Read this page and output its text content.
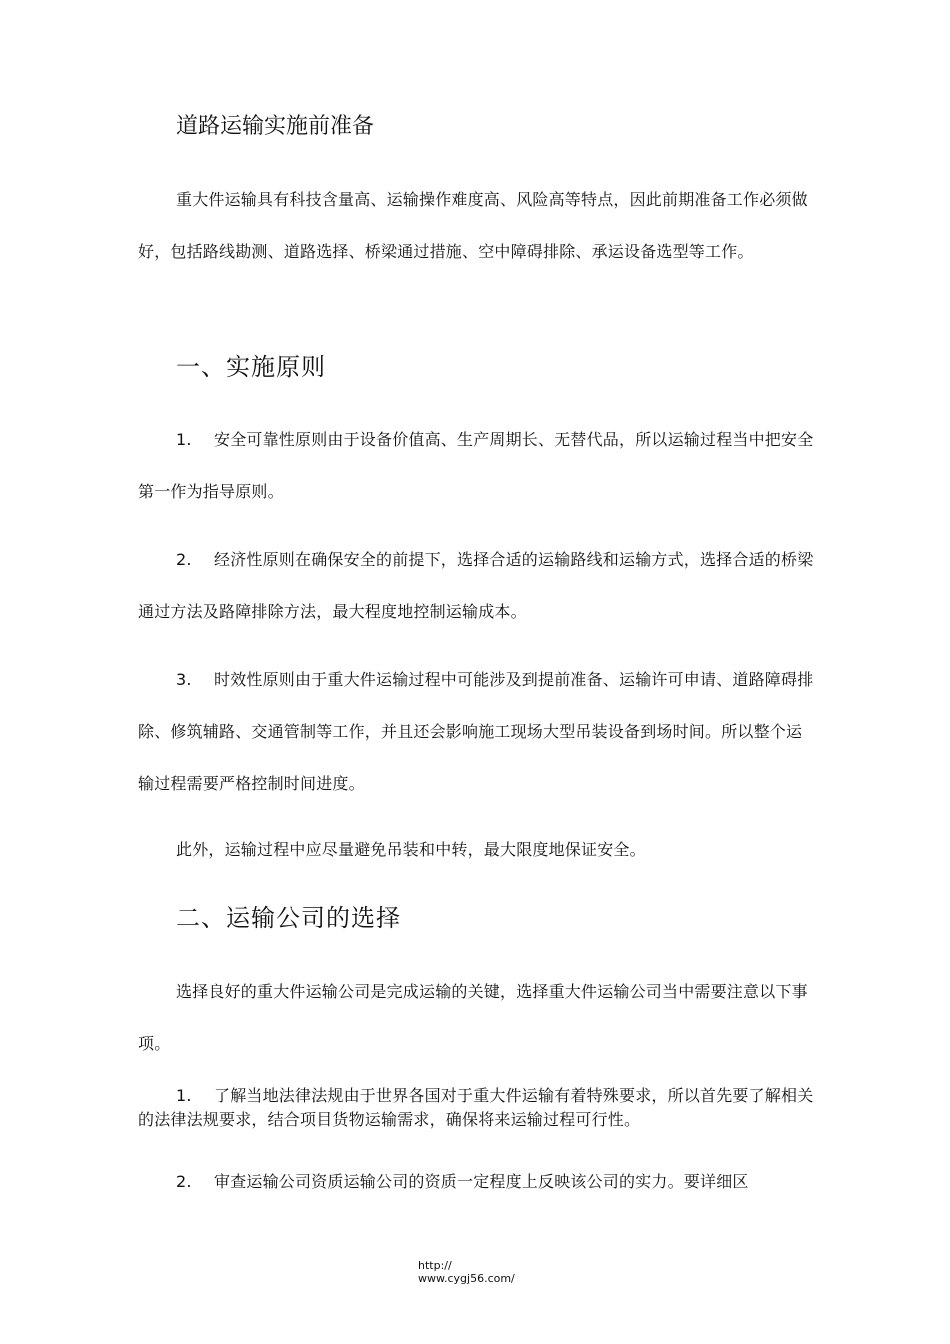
道路运输实施前准备

重大件运输具有科技含量高、运输操作难度高、风险高等特点，因此前期准备工作必须做好，包括路线勘测、道路选择、桥梁通过措施、空中障碍排除、承运设备选型等工作。

一、实施原则

1. 安全可靠性原则由于设备价值高、生产周期长、无替代品，所以运输过程当中把安全第一作为指导原则。

2. 经济性原则在确保安全的前提下，选择合适的运输路线和运输方式，选择合适的桥梁通过方法及路障排除方法，最大程度地控制运输成本。

3. 时效性原则由于重大件运输过程中可能涉及到提前准备、运输许可申请、道路障碍排除、修筑辅路、交通管制等工作，并且还会影响施工现场大型吊装设备到场时间。所以整个运输过程需要严格控制时间进度。

此外，运输过程中应尽量避免吊装和中转，最大限度地保证安全。

二、运输公司的选择

选择良好的重大件运输公司是完成运输的关键，选择重大件运输公司当中需要注意以下事项。

1. 了解当地法律法规由于世界各国对于重大件运输有着特殊要求，所以首先要了解相关的法律法规要求，结合项目货物运输需求，确保将来运输过程可行性。

2. 审查运输公司资质运输公司的资质一定程度上反映该公司的实力。要详细区

http://
www.cygj56.com/
